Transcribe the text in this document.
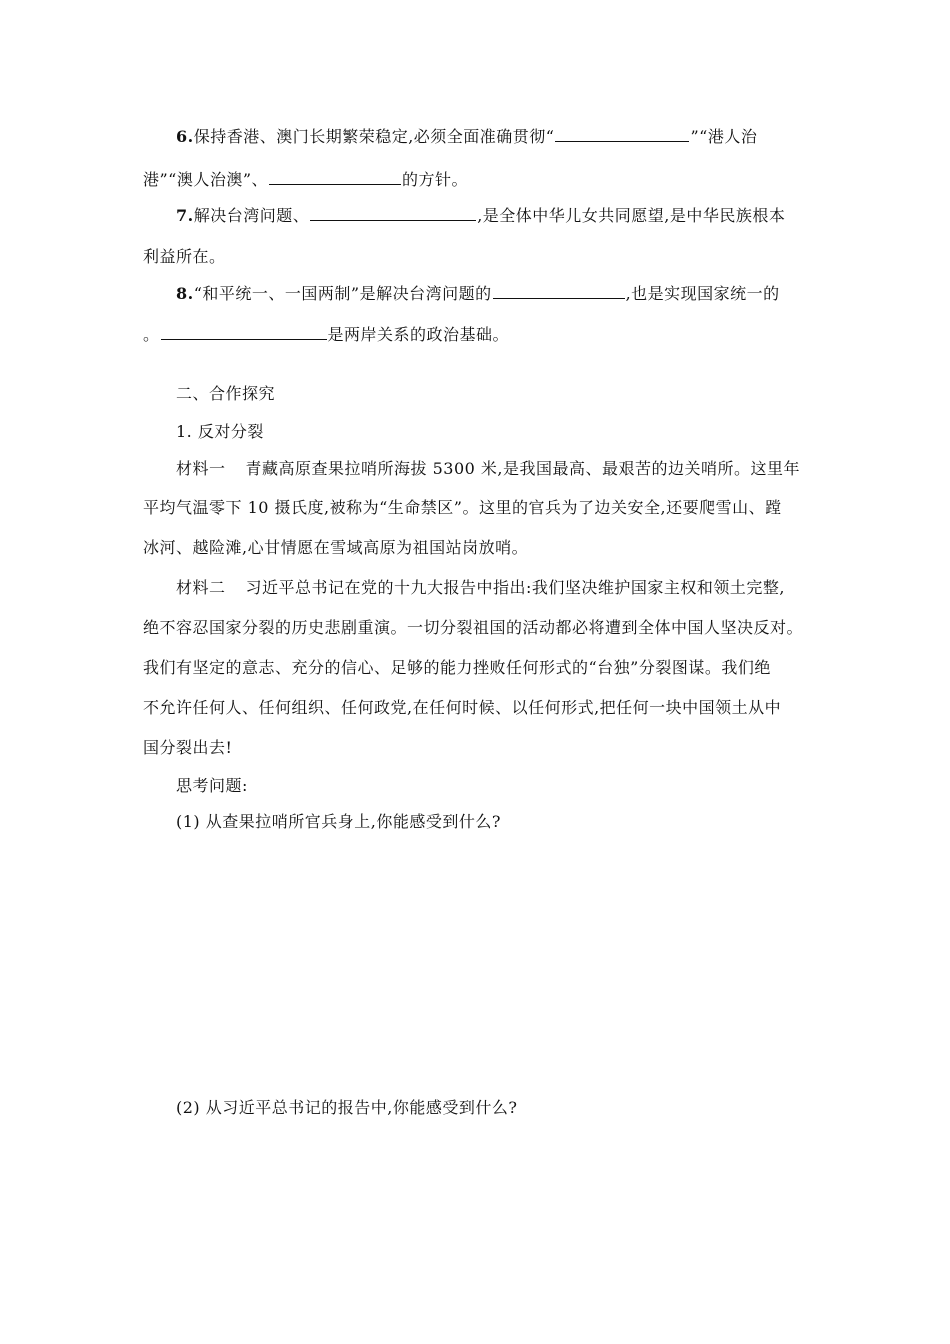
6.保持香港、澳门长期繁荣稳定,必须全面准确贯彻“	”“港人治
港”“澳人治澳”、	的方针。
7.解决台湾问题、	,是全体中华儿女共同愿望,是中华民族根本
利益所在。
8.“和平统一、一国两制”是解决台湾问题的	,也是实现国家统一的
。	是两岸关系的政治基础。
二、合作探究
1. 反对分裂
材料一 青藏高原查果拉哨所海拔 5300 米,是我国最高、最艰苦的边关哨所。这里年
平均气温零下 10 摄氏度,被称为“生命禁区”。这里的官兵为了边关安全,还要爬雪山、蹚
冰河、越险滩,心甘情愿在雪域高原为祖国站岗放哨。
材料二 习近平总书记在党的十九大报告中指出:我们坚决维护国家主权和领土完整,
绝不容忍国家分裂的历史悲剧重演。一切分裂祖国的活动都必将遭到全体中国人坚决反对。
我们有坚定的意志、充分的信心、足够的能力挫败任何形式的“台独”分裂图谋。我们绝
不允许任何人、任何组织、任何政党,在任何时候、以任何形式,把任何一块中国领土从中
国分裂出去!
思考问题:
(1) 从查果拉哨所官兵身上,你能感受到什么?
(2) 从习近平总书记的报告中,你能感受到什么?
